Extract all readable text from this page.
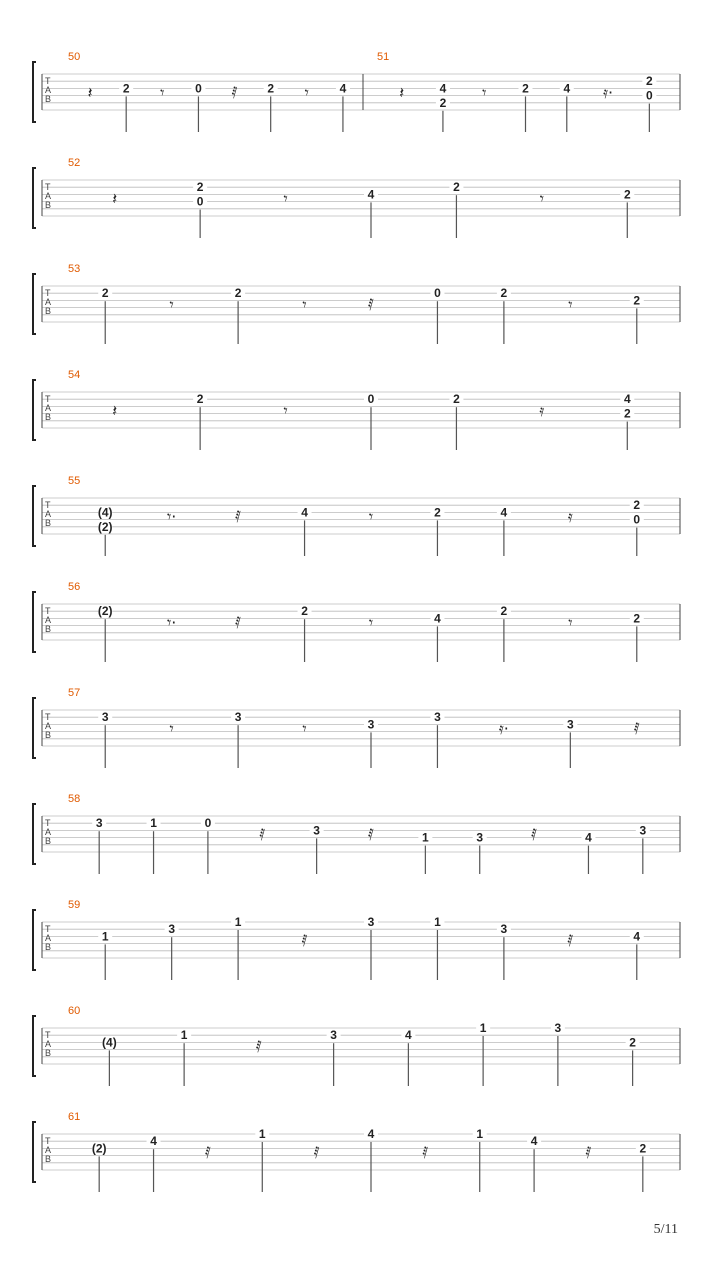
T
A
B
50
𝄽	2 𝄾	0 𝅀 2 𝄾	4
51
𝄽	4
2
𝄾	2	4 𝄿·
2
0
T
A
B
52
𝄽
2
0	𝄾	4
2
𝄾	2
T
A
B
53
2
𝄾
2
𝄾	𝅀
0	2
𝄾	2
T
A
B
54
𝄽
2
𝄾
0	2
𝄿
4
2
T
A
B
55
(4)
(2)
𝄾·	𝅀	4	𝄾	2	4	𝄿
2
0
T
A
B
56
(2)
𝄾·	𝅀
2
𝄾	4
2
𝄾	2
T
A
B
57
3
𝄾
3
𝄾	3
3
𝄿·	3	𝅀
T
A
B
58
3	1	0
𝅀	3	𝅀	1	3	𝅀	4
3
T
A
B
59
1
3
1
𝅀
3	1
3
𝅀	4
T
A
B
60
(4)
1
𝅀
3	4
1	3
2
T
A
B
61
(2)
4
𝅀
1
𝅀
4
𝅀
1
4
𝅀	2
5/11
